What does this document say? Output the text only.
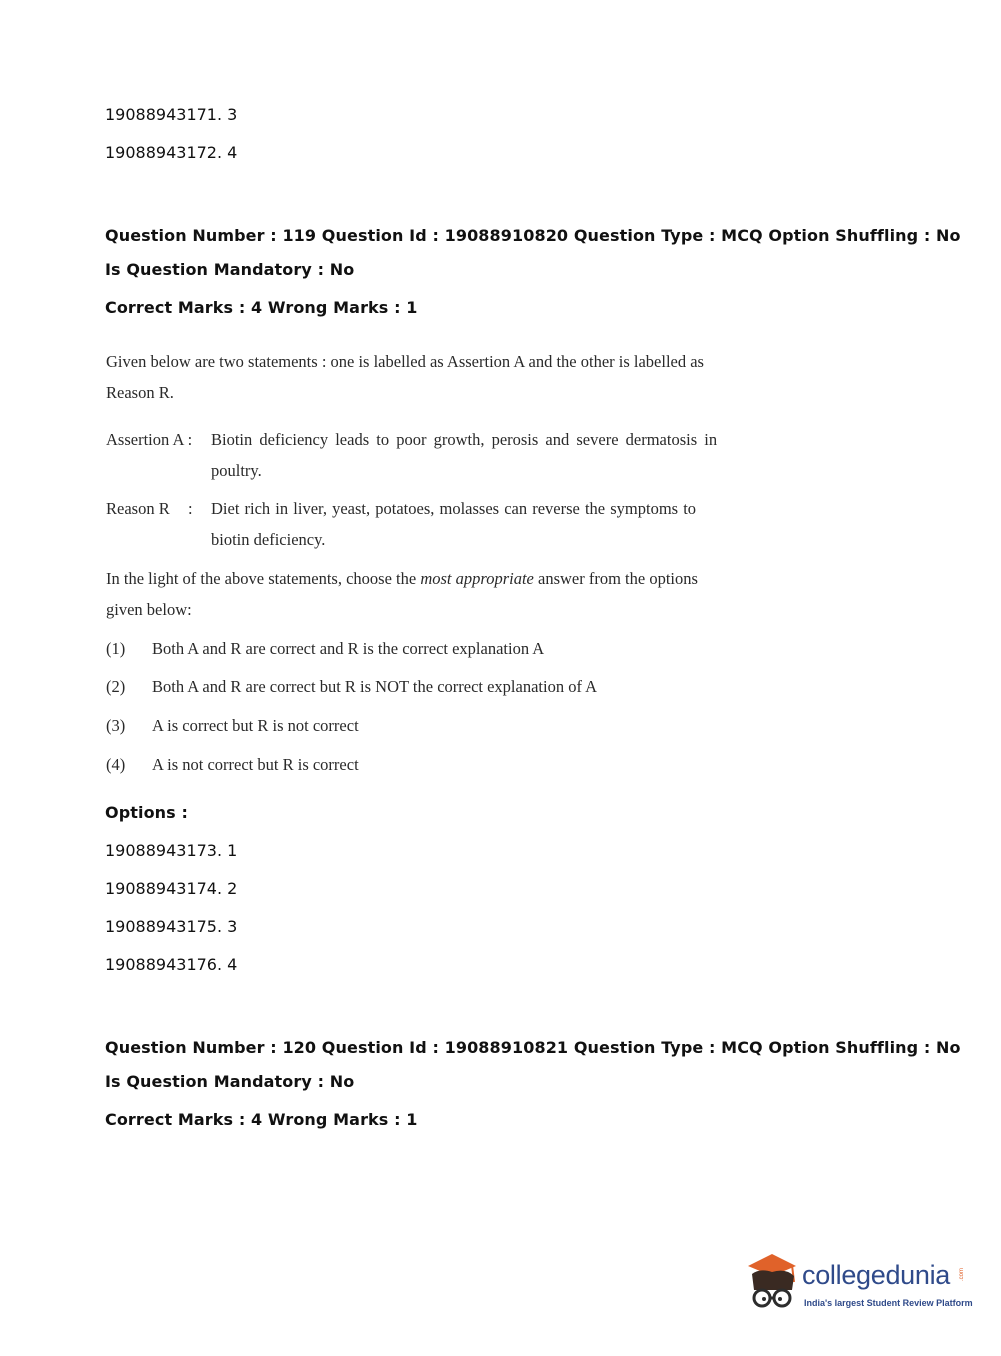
19088943171. 3
19088943172. 4
Question Number : 119 Question Id : 19088910820 Question Type : MCQ Option Shuffling : No
Is Question Mandatory : No
Correct Marks : 4 Wrong Marks : 1
Given below are two statements : one is labelled as Assertion A and the other is labelled as
Reason R.
Assertion A : Biotin deficiency leads to poor growth, perosis and severe dermatosis in
poultry.
Reason R : Diet rich in liver, yeast, potatoes, molasses can reverse the symptoms to
biotin deficiency.
In the light of the above statements, choose the most appropriate answer from the options
given below:
(1) Both A and R are correct and R is the correct explanation A
(2) Both A and R are correct but R is NOT the correct explanation of A
(3) A is correct but R is not correct
(4) A is not correct but R is correct
Options :
19088943173. 1
19088943174. 2
19088943175. 3
19088943176. 4
Question Number : 120 Question Id : 19088910821 Question Type : MCQ Option Shuffling : No
Is Question Mandatory : No
Correct Marks : 4 Wrong Marks : 1
collegedunia .com
India's largest Student Review Platform
